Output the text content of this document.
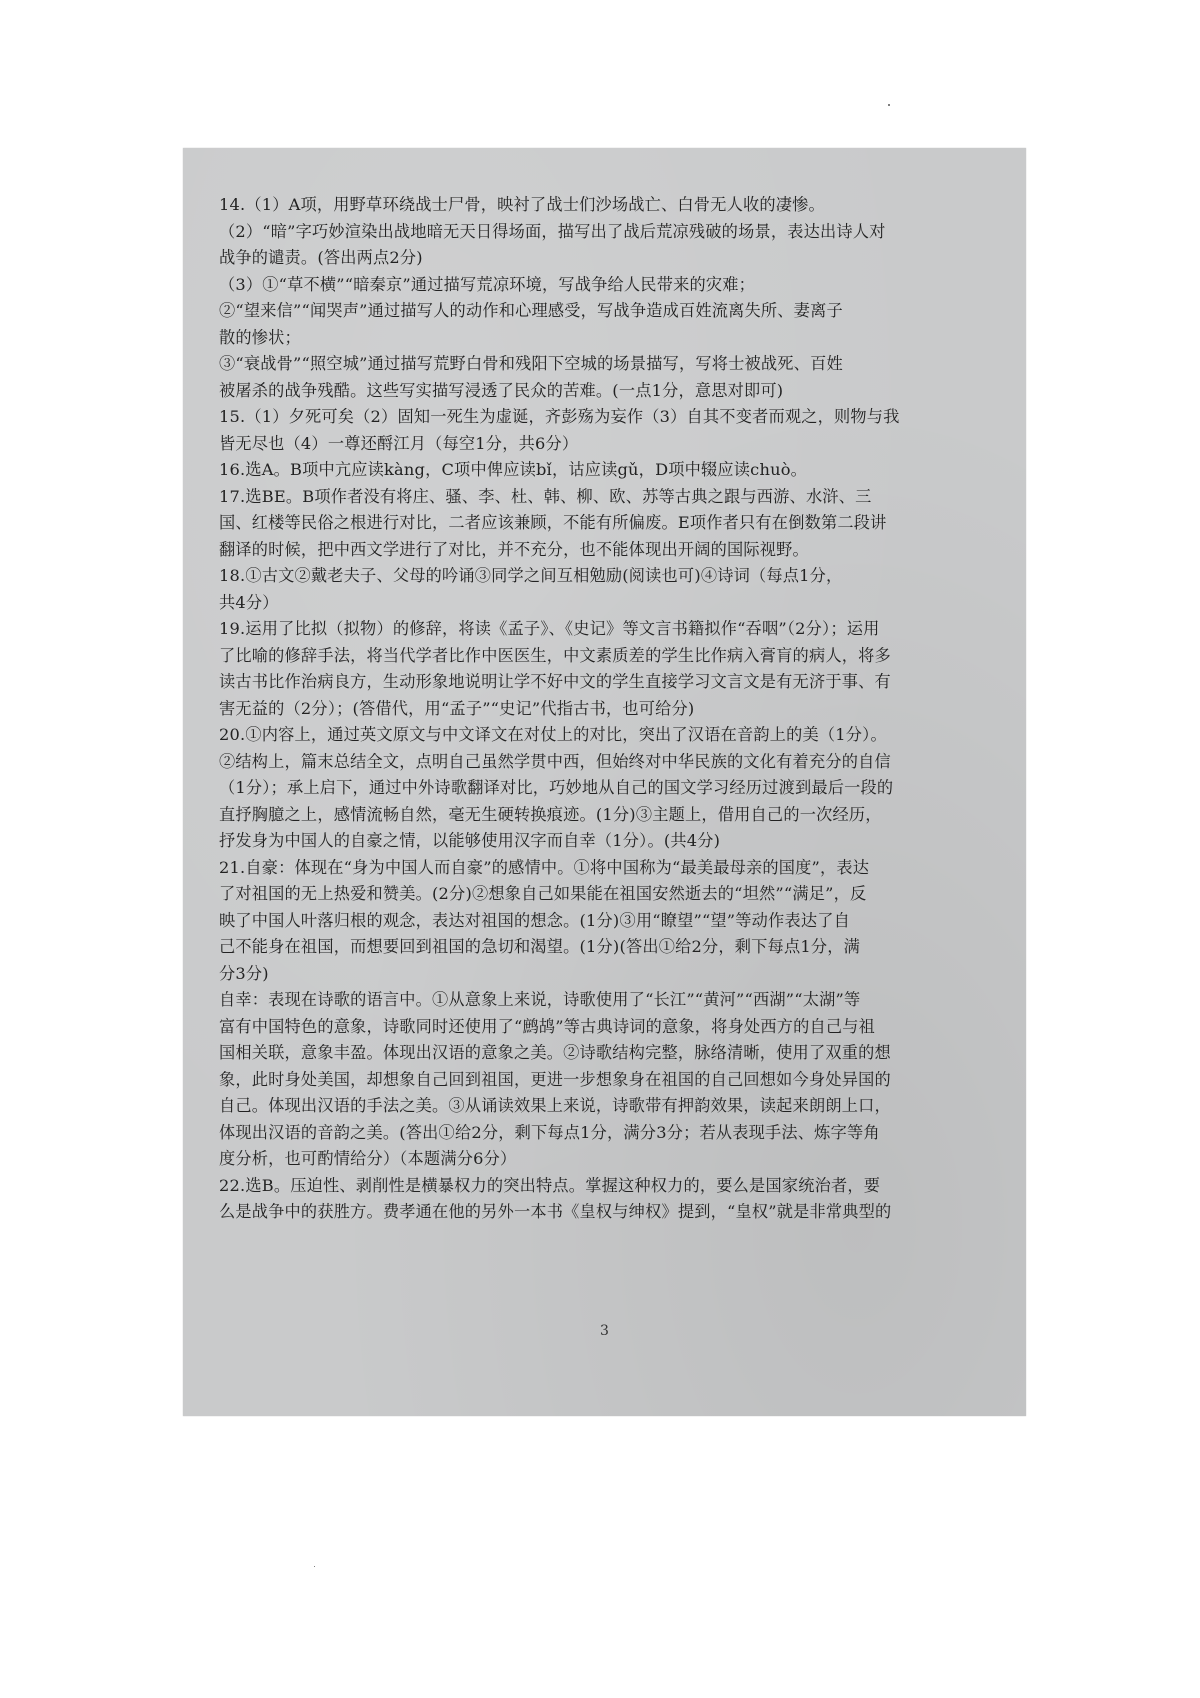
14.（1）A项，用野草环绕战士尸骨，映衬了战士们沙场战亡、白骨无人收的凄惨。
（2）“暗”字巧妙渲染出战地暗无天日得场面，描写出了战后荒凉残破的场景，表达出诗人对
战争的谴责。(答出两点2分)
（3）①“草不横”“暗秦京”通过描写荒凉环境，写战争给人民带来的灾难；
②“望来信”“闻哭声”通过描写人的动作和心理感受，写战争造成百姓流离失所、妻离子
散的惨状；
③“衰战骨”“照空城”通过描写荒野白骨和残阳下空城的场景描写，写将士被战死、百姓
被屠杀的战争残酷。这些写实描写浸透了民众的苦难。(一点1分，意思对即可)
15.（1）夕死可矣（2）固知一死生为虚诞，齐彭殇为妄作（3）自其不变者而观之，则物与我
皆无尽也（4）一尊还酹江月（每空1分，共6分）
16.选A。B项中亢应读kàng，C项中俾应读bǐ，诂应读gǔ，D项中辍应读chuò。
17.选BE。B项作者没有将庄、骚、李、杜、韩、柳、欧、苏等古典之跟与西游、水浒、三
国、红楼等民俗之根进行对比，二者应该兼顾，不能有所偏废。E项作者只有在倒数第二段讲
翻译的时候，把中西文学进行了对比，并不充分，也不能体现出开阔的国际视野。
18.①古文②戴老夫子、父母的吟诵③同学之间互相勉励(阅读也可)④诗词（每点1分，
共4分）
19.运用了比拟（拟物）的修辞，将读《孟子》、《史记》等文言书籍拟作“吞咽”（2分）；运用
了比喻的修辞手法，将当代学者比作中医医生，中文素质差的学生比作病入膏肓的病人，将多
读古书比作治病良方，生动形象地说明让学不好中文的学生直接学习文言文是有无济于事、有
害无益的（2分）；(答借代，用“孟子”“史记”代指古书，也可给分)
20.①内容上，通过英文原文与中文译文在对仗上的对比，突出了汉语在音韵上的美（1分）。
②结构上，篇末总结全文，点明自己虽然学贯中西，但始终对中华民族的文化有着充分的自信
（1分）；承上启下，通过中外诗歌翻译对比，巧妙地从自己的国文学习经历过渡到最后一段的
直抒胸臆之上，感情流畅自然，毫无生硬转换痕迹。(1分)③主题上，借用自己的一次经历，
抒发身为中国人的自豪之情，以能够使用汉字而自幸（1分）。(共4分)
21.自豪：体现在“身为中国人而自豪”的感情中。①将中国称为“最美最母亲的国度”，表达
了对祖国的无上热爱和赞美。(2分)②想象自己如果能在祖国安然逝去的“坦然”“满足”，反
映了中国人叶落归根的观念，表达对祖国的想念。(1分)③用“瞭望”“望”等动作表达了自
己不能身在祖国，而想要回到祖国的急切和渴望。(1分)(答出①给2分，剩下每点1分，满
分3分)
自幸：表现在诗歌的语言中。①从意象上来说，诗歌使用了“长江”“黄河”“西湖”“太湖”等
富有中国特色的意象，诗歌同时还使用了“鹧鸪”等古典诗词的意象，将身处西方的自己与祖
国相关联，意象丰盈。体现出汉语的意象之美。②诗歌结构完整，脉络清晰，使用了双重的想
象，此时身处美国，却想象自己回到祖国，更进一步想象身在祖国的自己回想如今身处异国的
自己。体现出汉语的手法之美。③从诵读效果上来说，诗歌带有押韵效果，读起来朗朗上口，
体现出汉语的音韵之美。(答出①给2分，剩下每点1分，满分3分；若从表现手法、炼字等角
度分析，也可酌情给分）（本题满分6分）
22.选B。压迫性、剥削性是横暴权力的突出特点。掌握这种权力的，要么是国家统治者，要
么是战争中的获胜方。费孝通在他的另外一本书《皇权与绅权》提到，“皇权”就是非常典型的
3
